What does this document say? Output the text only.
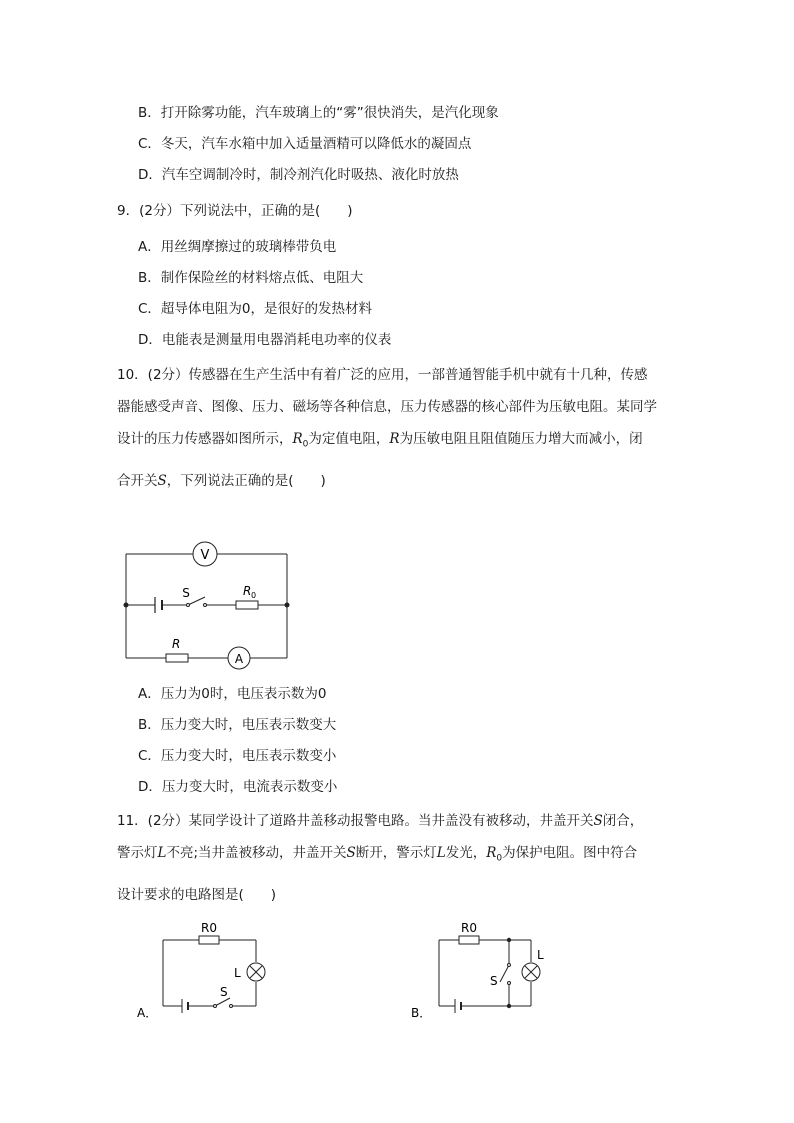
B．打开除雾功能，汽车玻璃上的“雾”很快消失，是汽化现象
C．冬天，汽车水箱中加入适量酒精可以降低水的凝固点
D．汽车空调制冷时，制冷剂汽化时吸热、液化时放热
9．(2分）下列说法中，正确的是(　　)
A．用丝绸摩擦过的玻璃棒带负电
B．制作保险丝的材料熔点低、电阻大
C．超导体电阻为0，是很好的发热材料
D．电能表是测量用电器消耗电功率的仪表
10．(2分）传感器在生产生活中有着广泛的应用，一部普通智能手机中就有十几种，传感
器能感受声音、图像、压力、磁场等各种信息，压力传感器的核心部件为压敏电阻。某同学
设计的压力传感器如图所示，$R_0$为定值电阻，R为压敏电阻且阻值随压力增大而减小，闭
合开关S，下列说法正确的是(　　)
V
A
S	R 0
R
A．压力为0时，电压表示数为0
B．压力变大时，电压表示数变大
C．压力变大时，电压表示数变小
D．压力变大时，电流表示数变小
11．(2分）某同学设计了道路井盖移动报警电路。当井盖没有被移动，井盖开关S闭合，
警示灯L不亮;当井盖被移动，井盖开关S断开，警示灯L发光，$R_0$为保护电阻。图中符合
设计要求的电路图是(　　)
R0
L
S
A．
R0
L
S
B．
